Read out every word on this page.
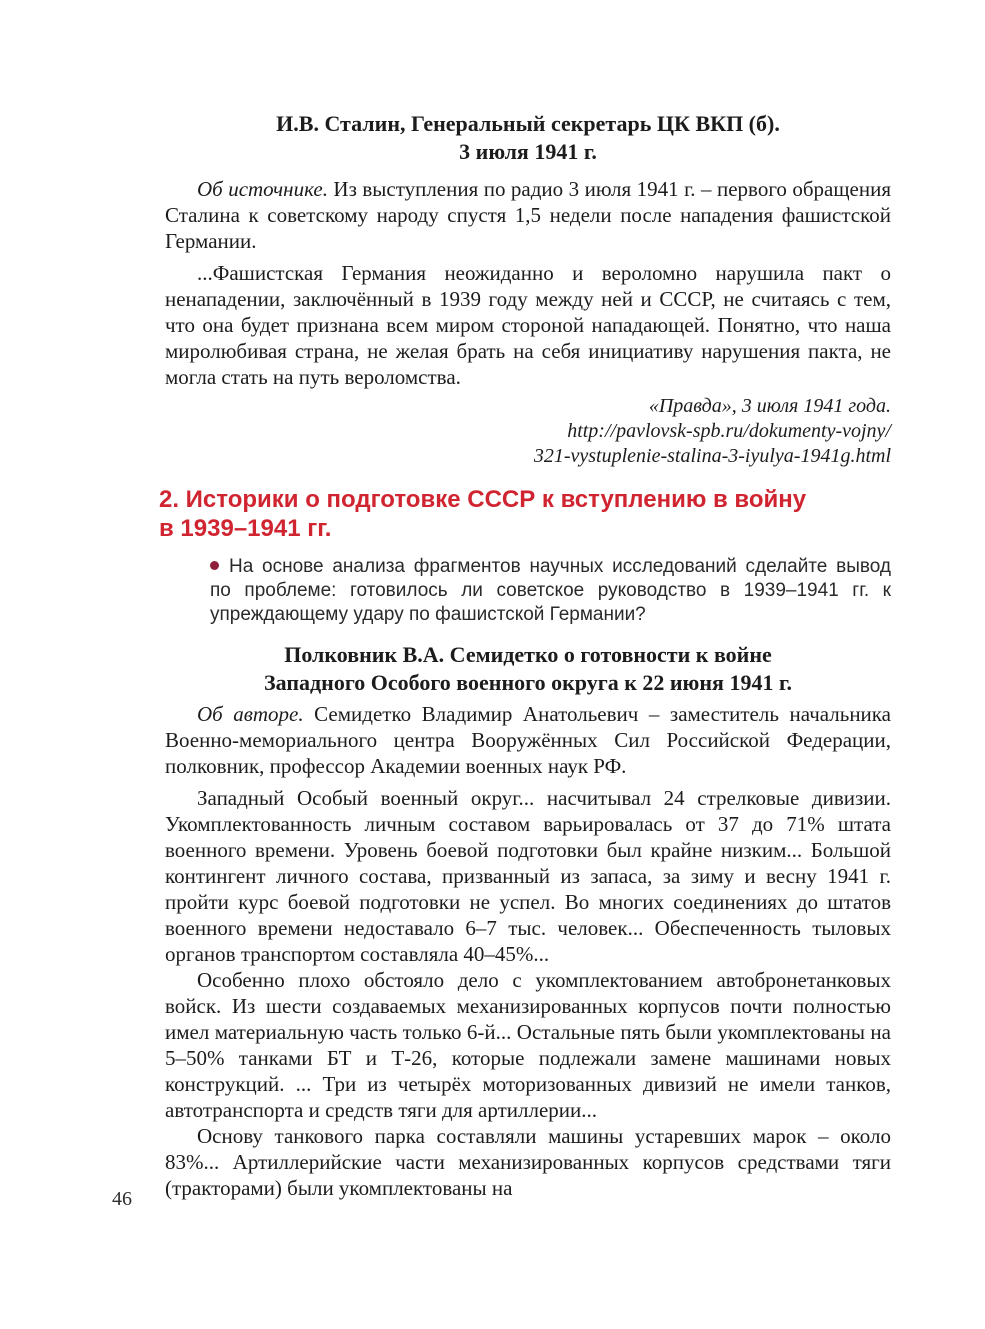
И.В. Сталин, Генеральный секретарь ЦК ВКП (б).
3 июля 1941 г.

Об источнике. Из выступления по радио 3 июля 1941 г. – первого обращения Сталина к советскому народу спустя 1,5 недели после нападения фашистской Германии.

...Фашистская Германия неожиданно и вероломно нарушила пакт о ненападении, заключённый в 1939 году между ней и СССР, не считаясь с тем, что она будет признана всем миром стороной нападающей. Понятно, что наша миролюбивая страна, не желая брать на себя инициативу нарушения пакта, не могла стать на путь вероломства.

«Правда», 3 июля 1941 года.

http://pavlovsk-spb.ru/dokumenty-vojny/

321-vystuplenie-stalina-3-iyulya-1941g.html

2. Историки о подготовке СССР к вступлению в войну
в 1939–1941 гг.
На основе анализа фрагментов научных исследований сделайте вывод по проблеме: готовилось ли советское руководство в 1939–1941 гг. к упреждающему удару по фашистской Германии?
Полковник В.А. Семидетко о готовности к войне
Западного Особого военного округа к 22 июня 1941 г.

Об авторе. Семидетко Владимир Анатольевич – заместитель начальника Военно-мемориального центра Вооружённых Сил Российской Федерации, полковник, профессор Академии военных наук РФ.

Западный Особый военный округ... насчитывал 24 стрелковые дивизии. Укомплектованность личным составом варьировалась от 37 до 71% штата военного времени. Уровень боевой подготовки был крайне низким... Большой контингент личного состава, призванный из запаса, за зиму и весну 1941 г. пройти курс боевой подготовки не успел. Во многих соединениях до штатов военного времени недоставало 6–7 тыс. человек... Обеспеченность тыловых органов транспортом составляла 40–45%...

Особенно плохо обстояло дело с укомплектованием автобронетанковых войск. Из шести создаваемых механизированных корпусов почти полностью имел материальную часть только 6-й... Остальные пять были укомплектованы на 5–50% танками БТ и Т-26, которые подлежали замене машинами новых конструкций. ... Три из четырёх моторизованных дивизий не имели танков, автотранспорта и средств тяги для артиллерии...

Основу танкового парка составляли машины устаревших марок – около 83%... Артиллерийские части механизированных корпусов средствами тяги (тракторами) были укомплектованы на

46
